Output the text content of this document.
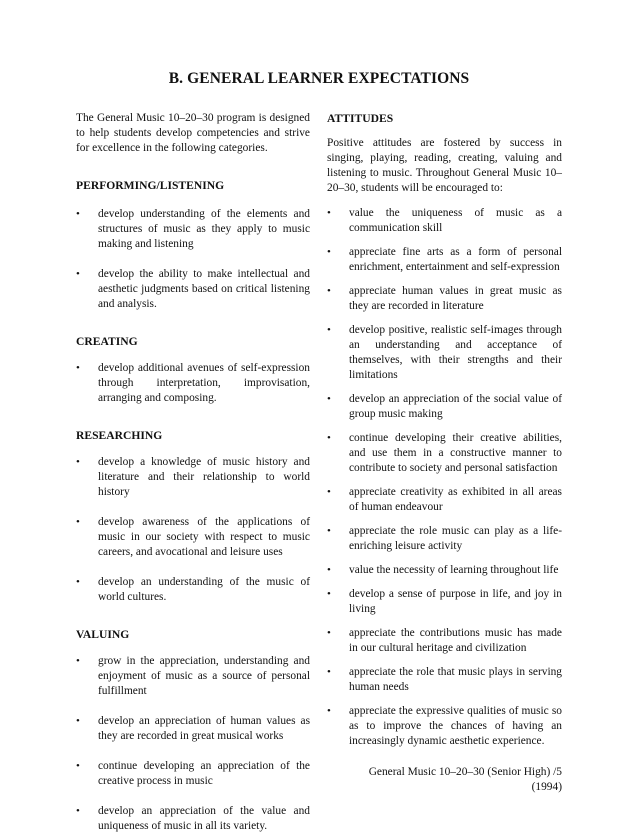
B. GENERAL LEARNER EXPECTATIONS

The General Music 10–20–30 program is designed to help students develop competencies and strive for excellence in the following categories.

PERFORMING/LISTENING

• develop understanding of the elements and structures of music as they apply to music making and listening
• develop the ability to make intellectual and aesthetic judgments based on critical listening and analysis.

CREATING

• develop additional avenues of self-expression through interpretation, improvisation, arranging and composing.

RESEARCHING

• develop a knowledge of music history and literature and their relationship to world history
• develop awareness of the applications of music in our society with respect to music careers, and avocational and leisure uses
• develop an understanding of the music of world cultures.

VALUING

• grow in the appreciation, understanding and enjoyment of music as a source of personal fulfillment
• develop an appreciation of human values as they are recorded in great musical works
• continue developing an appreciation of the creative process in music
• develop an appreciation of the value and uniqueness of music in all its variety.

ATTITUDES

Positive attitudes are fostered by success in singing, playing, reading, creating, valuing and listening to music. Throughout General Music 10–20–30, students will be encouraged to:

• value the uniqueness of music as a communication skill
• appreciate fine arts as a form of personal enrichment, entertainment and self-expression
• appreciate human values in great music as they are recorded in literature
• develop positive, realistic self-images through an understanding and acceptance of themselves, with their strengths and their limitations
• develop an appreciation of the social value of group music making
• continue developing their creative abilities, and use them in a constructive manner to contribute to society and personal satisfaction
• appreciate creativity as exhibited in all areas of human endeavour
• appreciate the role music can play as a life-enriching leisure activity
• value the necessity of learning throughout life
• develop a sense of purpose in life, and joy in living
• appreciate the contributions music has made in our cultural heritage and civilization
• appreciate the role that music plays in serving human needs
• appreciate the expressive qualities of music so as to improve the chances of having an increasingly dynamic aesthetic experience.
General Music 10–20–30 (Senior High) /5
(1994)
